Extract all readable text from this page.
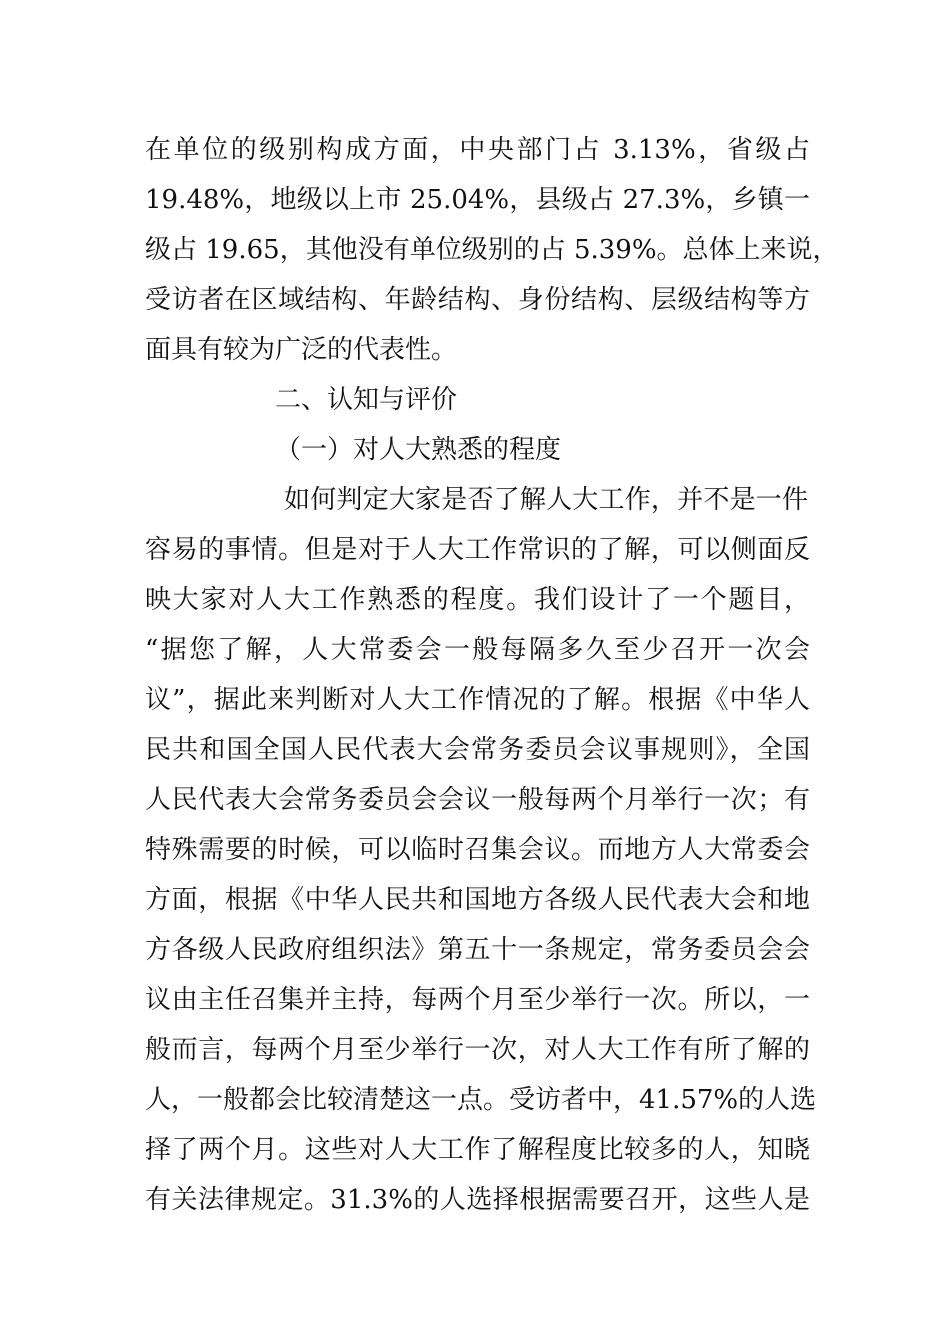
在单位的级别构成方面，中央部门占 3.13%，省级占
19.48%，地级以上市 25.04%，县级占 27.3%，乡镇一
级占 19.65，其他没有单位级别的占 5.39%。总体上来说，
受访者在区域结构、年龄结构、身份结构、层级结构等方
面具有较为广泛的代表性。
二、认知与评价
（一）对人大熟悉的程度
如何判定大家是否了解人大工作，并不是一件
容易的事情。但是对于人大工作常识的了解，可以侧面反
映大家对人大工作熟悉的程度。我们设计了一个题目，
“据您了解，人大常委会一般每隔多久至少召开一次会
议”，据此来判断对人大工作情况的了解。根据《中华人
民共和国全国人民代表大会常务委员会议事规则》，全国
人民代表大会常务委员会会议一般每两个月举行一次；有
特殊需要的时候，可以临时召集会议。而地方人大常委会
方面，根据《中华人民共和国地方各级人民代表大会和地
方各级人民政府组织法》第五十一条规定，常务委员会会
议由主任召集并主持，每两个月至少举行一次。所以，一
般而言，每两个月至少举行一次，对人大工作有所了解的
人，一般都会比较清楚这一点。受访者中，41.57%的人选
择了两个月。这些对人大工作了解程度比较多的人，知晓
有关法律规定。31.3%的人选择根据需要召开，这些人是
